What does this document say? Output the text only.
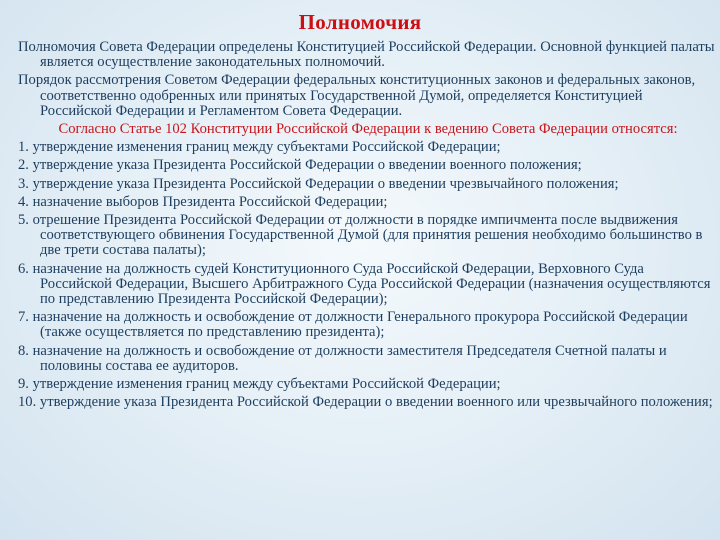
Полномочия

Полномочия Совета Федерации определены Конституцией Российской Федерации. Основной функцией палаты является осуществление законодательных полномочий.

Порядок рассмотрения Советом Федерации федеральных конституционных законов и федеральных законов, соответственно одобренных или принятых Государственной Думой, определяется Конституцией Российской Федерации и Регламентом Совета Федерации.

Согласно Статье 102 Конституции Российской Федерации к ведению Совета Федерации относятся:

1. утверждение изменения границ между субъектами Российской Федерации;

2. утверждение указа Президента Российской Федерации о введении военного положения;

3. утверждение указа Президента Российской Федерации о введении чрезвычайного положения;

4. назначение выборов Президента Российской Федерации;

5. отрешение Президента Российской Федерации от должности в порядке импичмента после выдвижения соответствующего обвинения Государственной Думой (для принятия решения необходимо большинство в две трети состава палаты);

6. назначение на должность судей Конституционного Суда Российской Федерации, Верховного Суда Российской Федерации, Высшего Арбитражного Суда Российской Федерации (назначения осуществляются по представлению Президента Российской Федерации);

7. назначение на должность и освобождение от должности Генерального прокурора Российской Федерации (также осуществляется по представлению президента);

8. назначение на должность и освобождение от должности заместителя Председателя Счетной палаты и половины состава ее аудиторов.

9. утверждение изменения границ между субъектами Российской Федерации;

10. утверждение указа Президента Российской Федерации о введении военного или чрезвычайного положения;
